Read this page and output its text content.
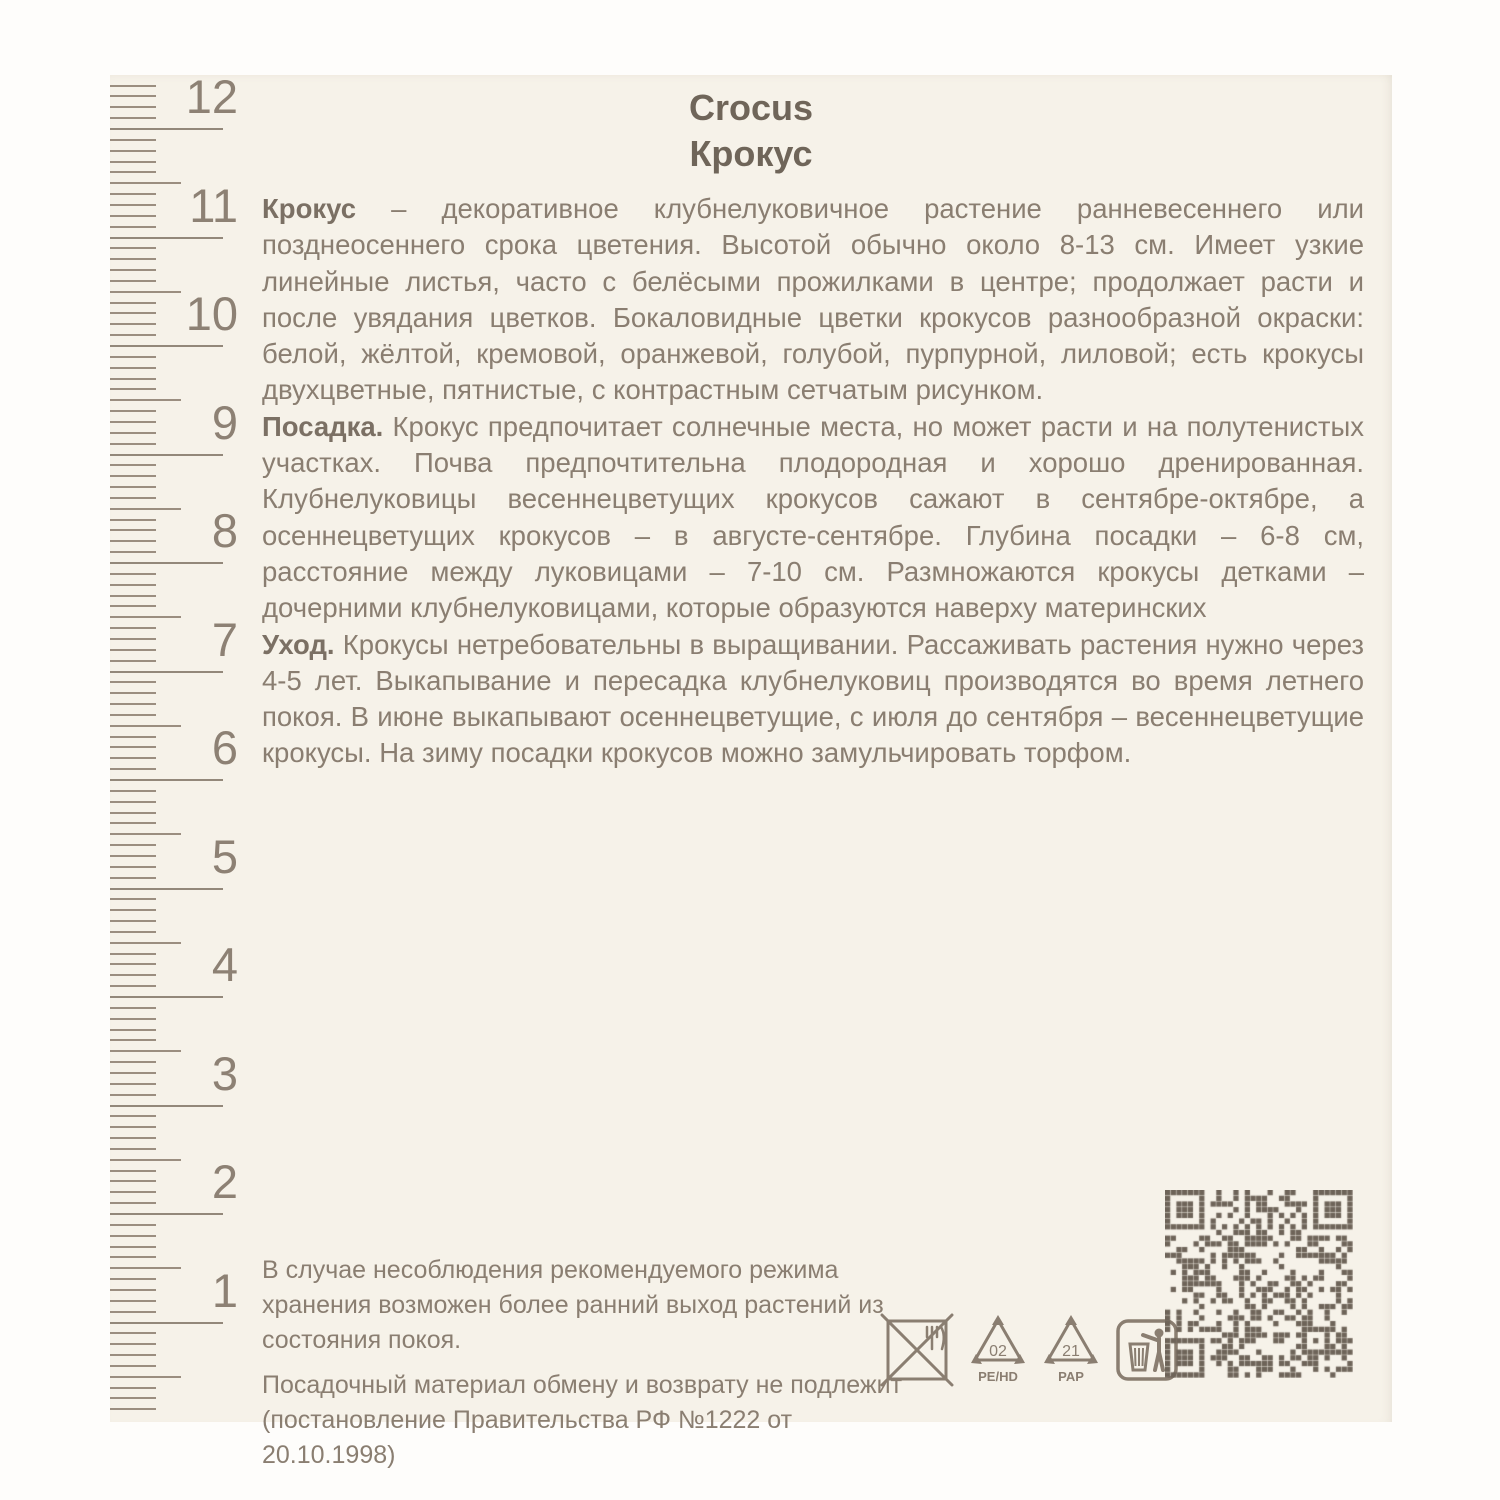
12
11
10
9
8
7
6
5
4
3
2
1
Crocus
Крокус

Крокус – декоративное клубнелуковичное растение ранневесеннего или позднеосеннего срока цветения. Высотой обычно около 8-13 см. Имеет узкие линейные листья, часто с белёсыми прожилками в центре; продолжает расти и после увядания цветков. Бокаловидные цветки крокусов разнообразной окраски: белой, жёлтой, кремовой, оранжевой, голубой, пурпурной, лиловой; есть крокусы двухцветные, пятнистые, с контрастным сетчатым рисунком.

Посадка. Крокус предпочитает солнечные места, но может расти и на полутенистых участках. Почва предпочтительна плодородная и хорошо дренированная. Клубнелуковицы весеннецветущих крокусов сажают в сентябре-октябре, а осеннецветущих крокусов – в августе-сентябре. Глубина посадки – 6-8 см, расстояние между луковицами – 7-10 см. Размножаются крокусы детками – дочерними клубнелуковицами, которые образуются наверху материнских

Уход. Крокусы нетребовательны в выращивании. Рассаживать растения нужно через 4-5 лет. Выкапывание и пересадка клубнелуковиц производятся во время летнего покоя. В июне выкапывают осеннецветущие, с июля до сентября – весеннецветущие крокусы. На зиму посадки крокусов можно замульчировать торфом.

В случае несоблюдения рекомендуемого режима хранения возможен более ранний выход растений из состояния покоя.

Посадочный материал обмену и возврату не подлежит
(постановление Правительства РФ №1222 от 20.10.1998)

02
PE/HD
21
PAP
